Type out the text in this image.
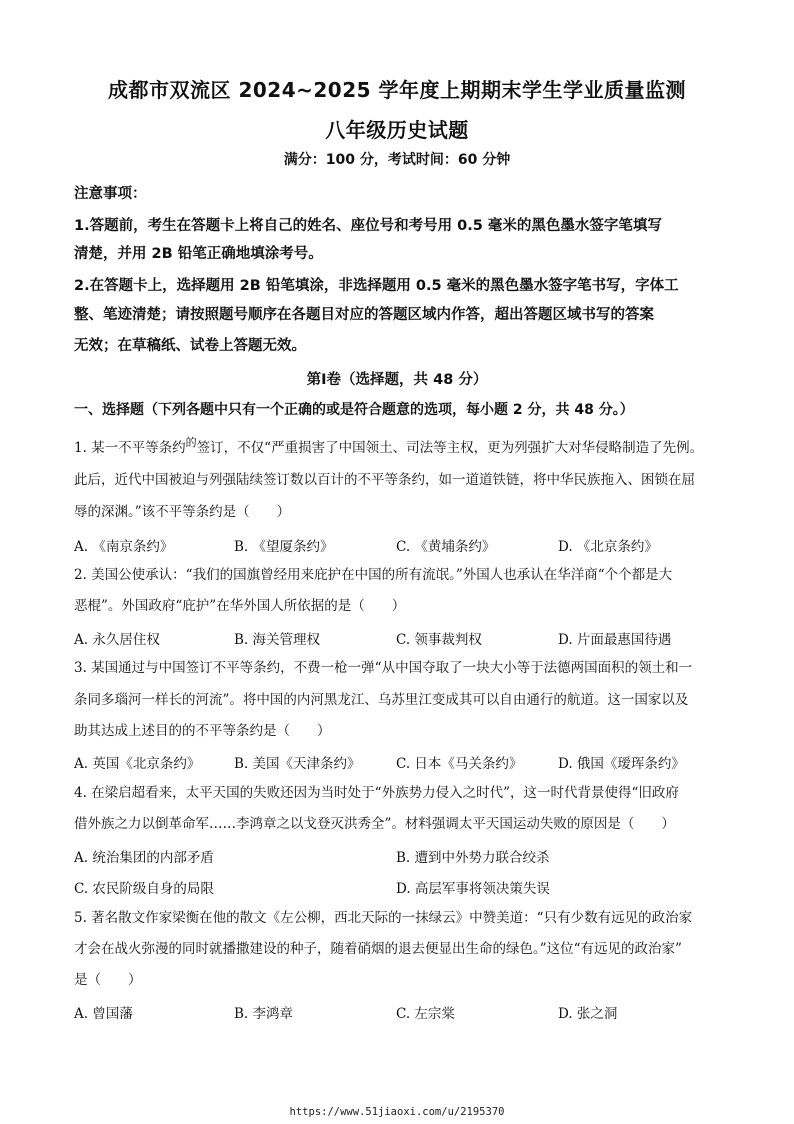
成都市双流区 2024~2025 学年度上期期末学生学业质量监测
八年级历史试题
满分：100 分，考试时间：60 分钟
注意事项：
1.答题前，考生在答题卡上将自己的姓名、座位号和考号用 0.5 毫米的黑色墨水签字笔填写
清楚，并用 2B 铅笔正确地填涂考号。
2.在答题卡上，选择题用 2B 铅笔填涂，非选择题用 0.5 毫米的黑色墨水签字笔书写，字体工
整、笔迹清楚；请按照题号顺序在各题目对应的答题区域内作答，超出答题区域书写的答案
无效；在草稿纸、试卷上答题无效。
第Ⅰ卷（选择题，共 48 分）
一、选择题（下列各题中只有一个正确的或是符合题意的选项，每小题 2 分，共 48 分。）
1. 某一不平等条约$^的$签订，不仅“严重损害了中国领土、司法等主权，更为列强扩大对华侵略制造了先例。
此后，近代中国被迫与列强陆续签订数以百计的不平等条约，如一道道铁链，将中华民族拖入、困锁在屈
辱的深渊。”该不平等条约是（　　）
A. 《南京条约》	B. 《望厦条约》	C. 《黄埔条约》	D. 《北京条约》
2. 美国公使承认：“我们的国旗曾经用来庇护在中国的所有流氓。”外国人也承认在华洋商“个个都是大
恶棍”。外国政府“庇护”在华外国人所依据的是（　　）
A. 永久居住权	B. 海关管理权	C. 领事裁判权	D. 片面最惠国待遇
3. 某国通过与中国签订不平等条约，不费一枪一弹“从中国夺取了一块大小等于法德两国面积的领土和一
条同多瑙河一样长的河流”。将中国的内河黑龙江、乌苏里江变成其可以自由通行的航道。这一国家以及
助其达成上述目的的不平等条约是（　　）
A. 英国《北京条约》 B. 美国《天津条约》	C. 日本《马关条约》	D. 俄国《瑷珲条约》
4. 在梁启超看来，太平天国的失败还因为当时处于“外族势力侵入之时代”，这一时代背景使得“旧政府
借外族之力以倒革命军……李鸿章之以戈登灭洪秀全”。材料强调太平天国运动失败的原因是（　　）
A. 统治集团的内部矛盾	B. 遭到中外势力联合绞杀
C. 农民阶级自身的局限	D. 高层军事将领决策失误
5. 著名散文作家梁衡在他的散文《左公柳，西北天际的一抹绿云》中赞美道：“只有少数有远见的政治家
才会在战火弥漫的同时就播撒建设的种子，随着硝烟的退去便显出生命的绿色。”这位“有远见的政治家”
是（　　）
A. 曾国藩	B. 李鸿章	C. 左宗棠	D. 张之洞
https://www.51jiaoxi.com/u/2195370
